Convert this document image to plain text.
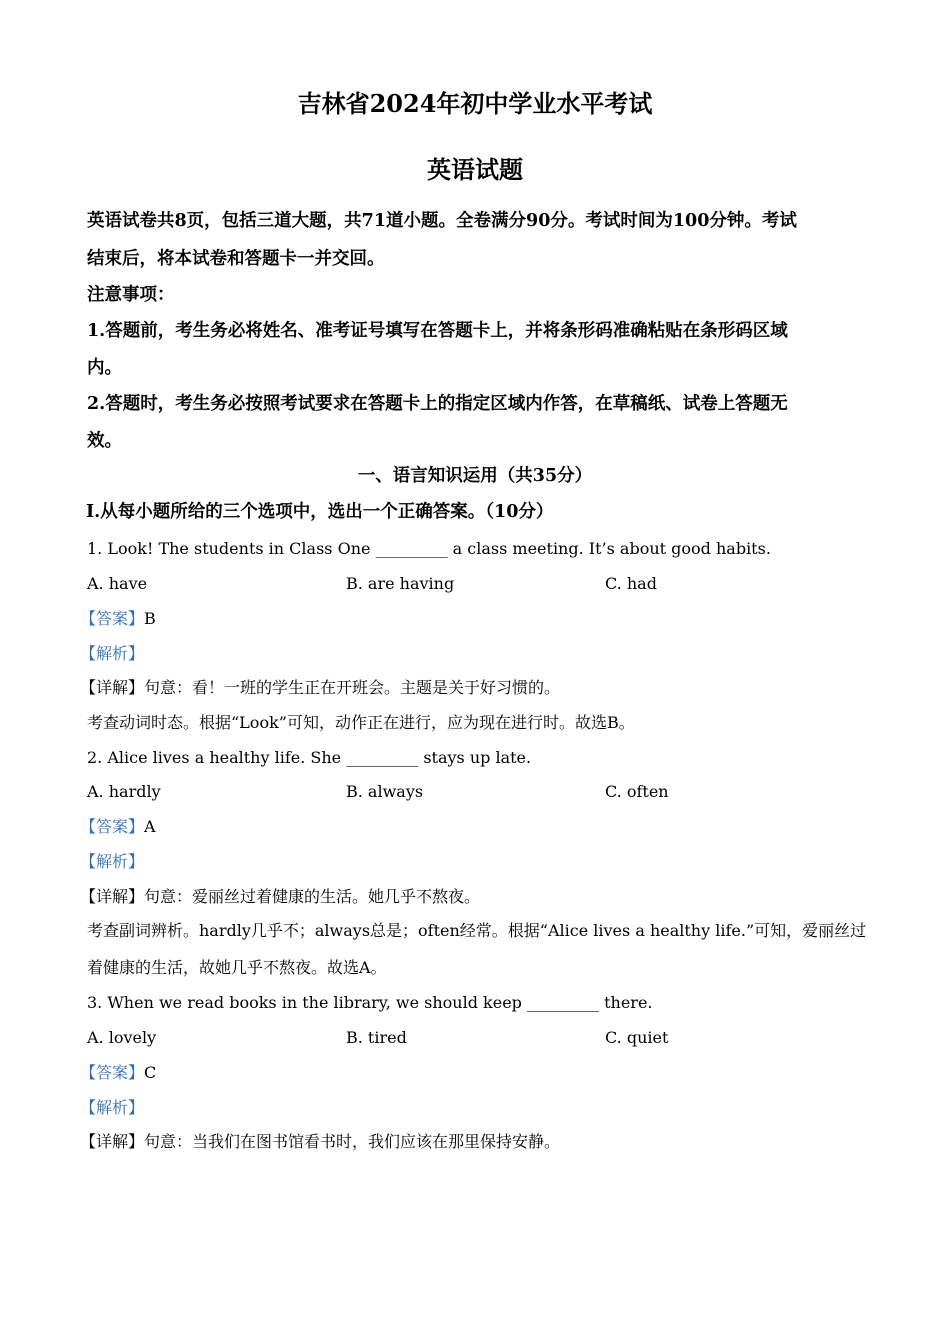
吉林省2024年初中学业水平考试
英语试题
英语试卷共8页，包括三道大题，共71道小题。全卷满分90分。考试时间为100分钟。考试
结束后，将本试卷和答题卡一并交回。
注意事项：
1.答题前，考生务必将姓名、准考证号填写在答题卡上，并将条形码准确粘贴在条形码区域
内。
2.答题时，考生务必按照考试要求在答题卡上的指定区域内作答，在草稿纸、试卷上答题无
效。
一、语言知识运用（共35分）
Ⅰ.从每小题所给的三个选项中，选出一个正确答案。（10分）
1. Look! The students in Class One _________ a class meeting. It’s about good habits.
A. have	B. are having	C. had
【答案】B
【解析】
【详解】句意：看！一班的学生正在开班会。主题是关于好习惯的。
考查动词时态。根据“Look”可知，动作正在进行，应为现在进行时。故选B。
2. Alice lives a healthy life. She _________ stays up late.
A. hardly	B. always	C. often
【答案】A
【解析】
【详解】句意：爱丽丝过着健康的生活。她几乎不熬夜。
考查副词辨析。hardly几乎不；always总是；often经常。根据“Alice lives a healthy life.”可知，爱丽丝过
着健康的生活，故她几乎不熬夜。故选A。
3. When we read books in the library, we should keep _________ there.
A. lovely	B. tired	C. quiet
【答案】C
【解析】
【详解】句意：当我们在图书馆看书时，我们应该在那里保持安静。
